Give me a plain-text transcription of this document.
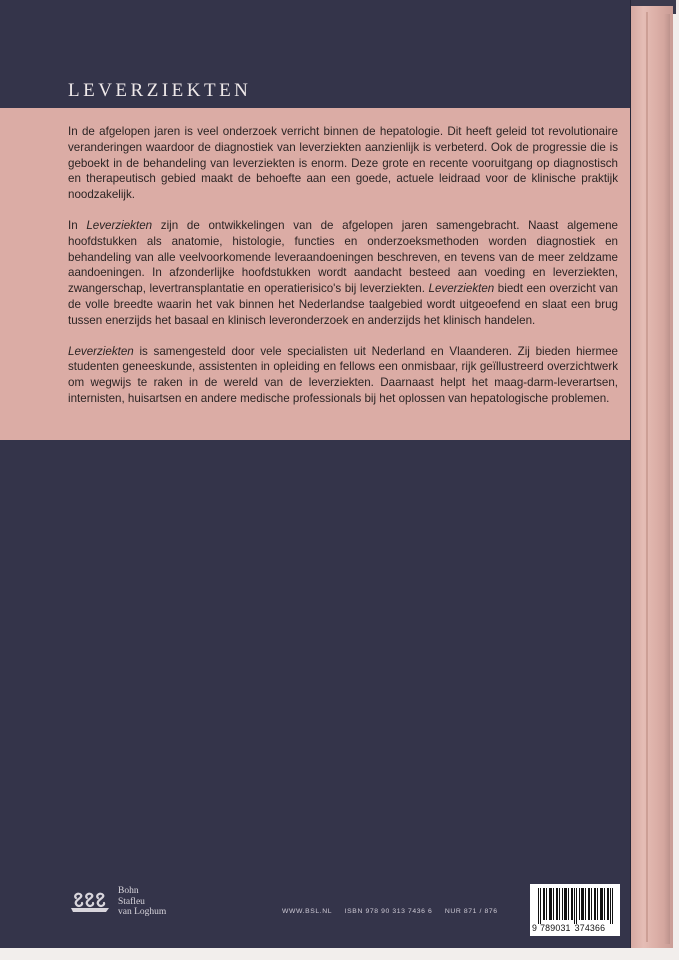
LEVERZIEKTEN

In de afgelopen jaren is veel onderzoek verricht binnen de hepatologie. Dit heeft geleid tot revolutionaire veranderingen waardoor de diagnostiek van leverziekten aanzienlijk is verbeterd. Ook de progressie die is geboekt in de behandeling van leverziekten is enorm. Deze grote en recente vooruitgang op diagnostisch en therapeutisch gebied maakt de behoefte aan een goede, actuele leidraad voor de klinische praktijk noodzakelijk.

In Leverziekten zijn de ontwikkelingen van de afgelopen jaren samengebracht. Naast algemene hoofdstukken als anatomie, histologie, functies en onderzoeksmethoden worden diagnostiek en behandeling van alle veelvoorkomende leveraandoeningen beschreven, en tevens van de meer zeldzame aandoeningen. In afzonderlijke hoofdstukken wordt aandacht besteed aan voeding en leverziekten, zwangerschap, levertransplantatie en operatierisico's bij leverziekten. Leverziekten biedt een overzicht van de volle breedte waarin het vak binnen het Nederlandse taalgebied wordt uitgeoefend en slaat een brug tussen enerzijds het basaal en klinisch leveronderzoek en anderzijds het klinisch handelen.

Leverziekten is samengesteld door vele specialisten uit Nederland en Vlaanderen. Zij bieden hiermee studenten geneeskunde, assistenten in opleiding en fellows een onmisbaar, rijk geïllustreerd overzichtwerk om wegwijs te raken in de wereld van de leverziekten. Daarnaast helpt het maag-darm-leverartsen, internisten, huisartsen en andere medische professionals bij het oplossen van hepatologische problemen.

Bohn
Stafleu
van Loghum	WWW.BSL.NL ISBN 978 90 313 7436 6 NUR 871 / 876
9 789031 374366
